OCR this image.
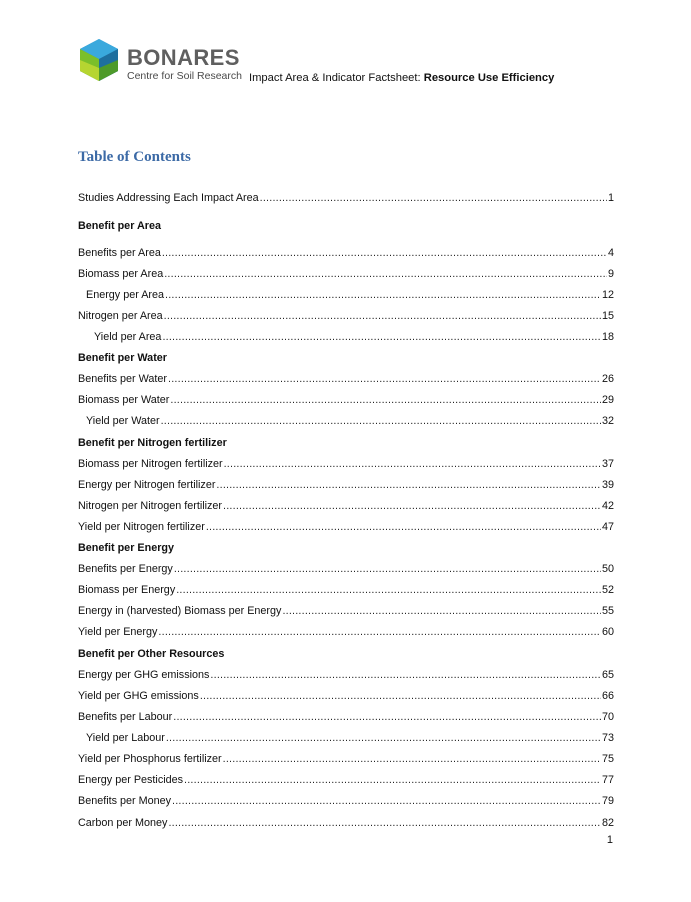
BONARES
Centre for Soil Research Impact Area & Indicator Factsheet: Resource Use Efficiency
Table of Contents
Studies Addressing Each Impact Area .....	1
Benefit per Area
Benefits per Area .....	4
Biomass per Area .....	9
Energy per Area .....	12
Nitrogen per Area .....	15
Yield per Area .....	18
Benefit per Water
Benefits per Water .....	26
Biomass per Water .....	29
Yield per Water .....	32
Benefit per Nitrogen fertilizer
Biomass per Nitrogen fertilizer .....	37
Energy per Nitrogen fertilizer .....	39
Nitrogen per Nitrogen fertilizer .....	42
Yield per Nitrogen fertilizer .....	47
Benefit per Energy
Benefits per Energy .....	50
Biomass per Energy .....	52
Energy in (harvested) Biomass per Energy .....	55
Yield per Energy .....	60
Benefit per Other Resources
Energy per GHG emissions .....	65
Yield per GHG emissions .....	66
Benefits per Labour .....	70
Yield per Labour .....	73
Yield per Phosphorus fertilizer .....	75
Energy per Pesticides .....	77
Benefits per Money .....	79
Carbon per Money .....	82
1
